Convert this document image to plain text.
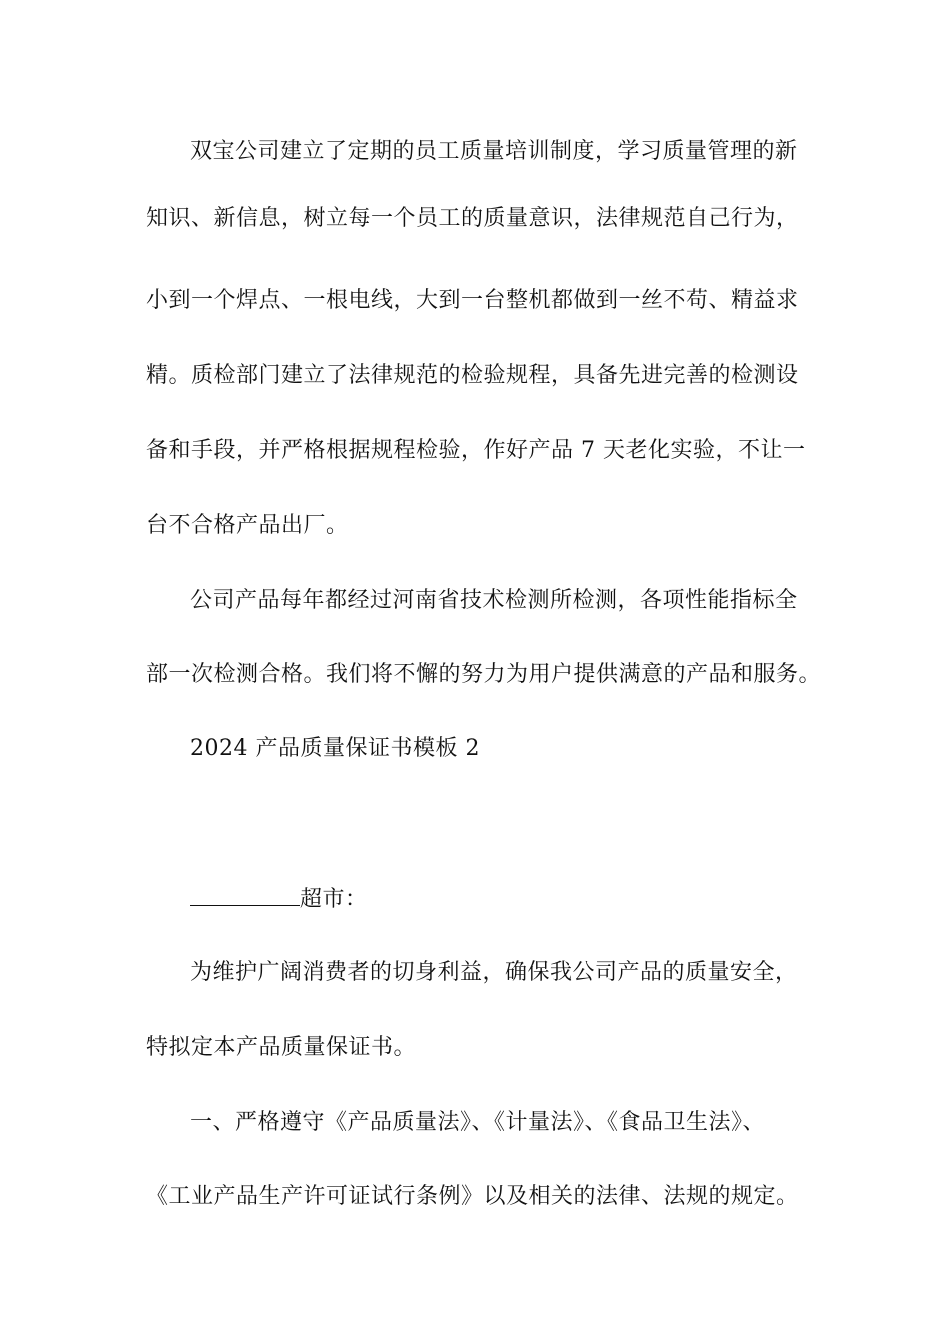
双宝公司建立了定期的员工质量培训制度，学习质量管理的新
知识、新信息，树立每一个员工的质量意识，法律规范自己行为，
小到一个焊点、一根电线，大到一台整机都做到一丝不苟、精益求
精。质检部门建立了法律规范的检验规程，具备先进完善的检测设
备和手段，并严格根据规程检验，作好产品 7 天老化实验，不让一
台不合格产品出厂。
公司产品每年都经过河南省技术检测所检测，各项性能指标全
部一次检测合格。我们将不懈的努力为用户提供满意的产品和服务。
2024 产品质量保证书模板 2
超市：
为维护广阔消费者的切身利益，确保我公司产品的质量安全，
特拟定本产品质量保证书。
一、严格遵守《产品质量法》、《计量法》、《食品卫生法》、
《工业产品生产许可证试行条例》以及相关的法律、法规的规定。
